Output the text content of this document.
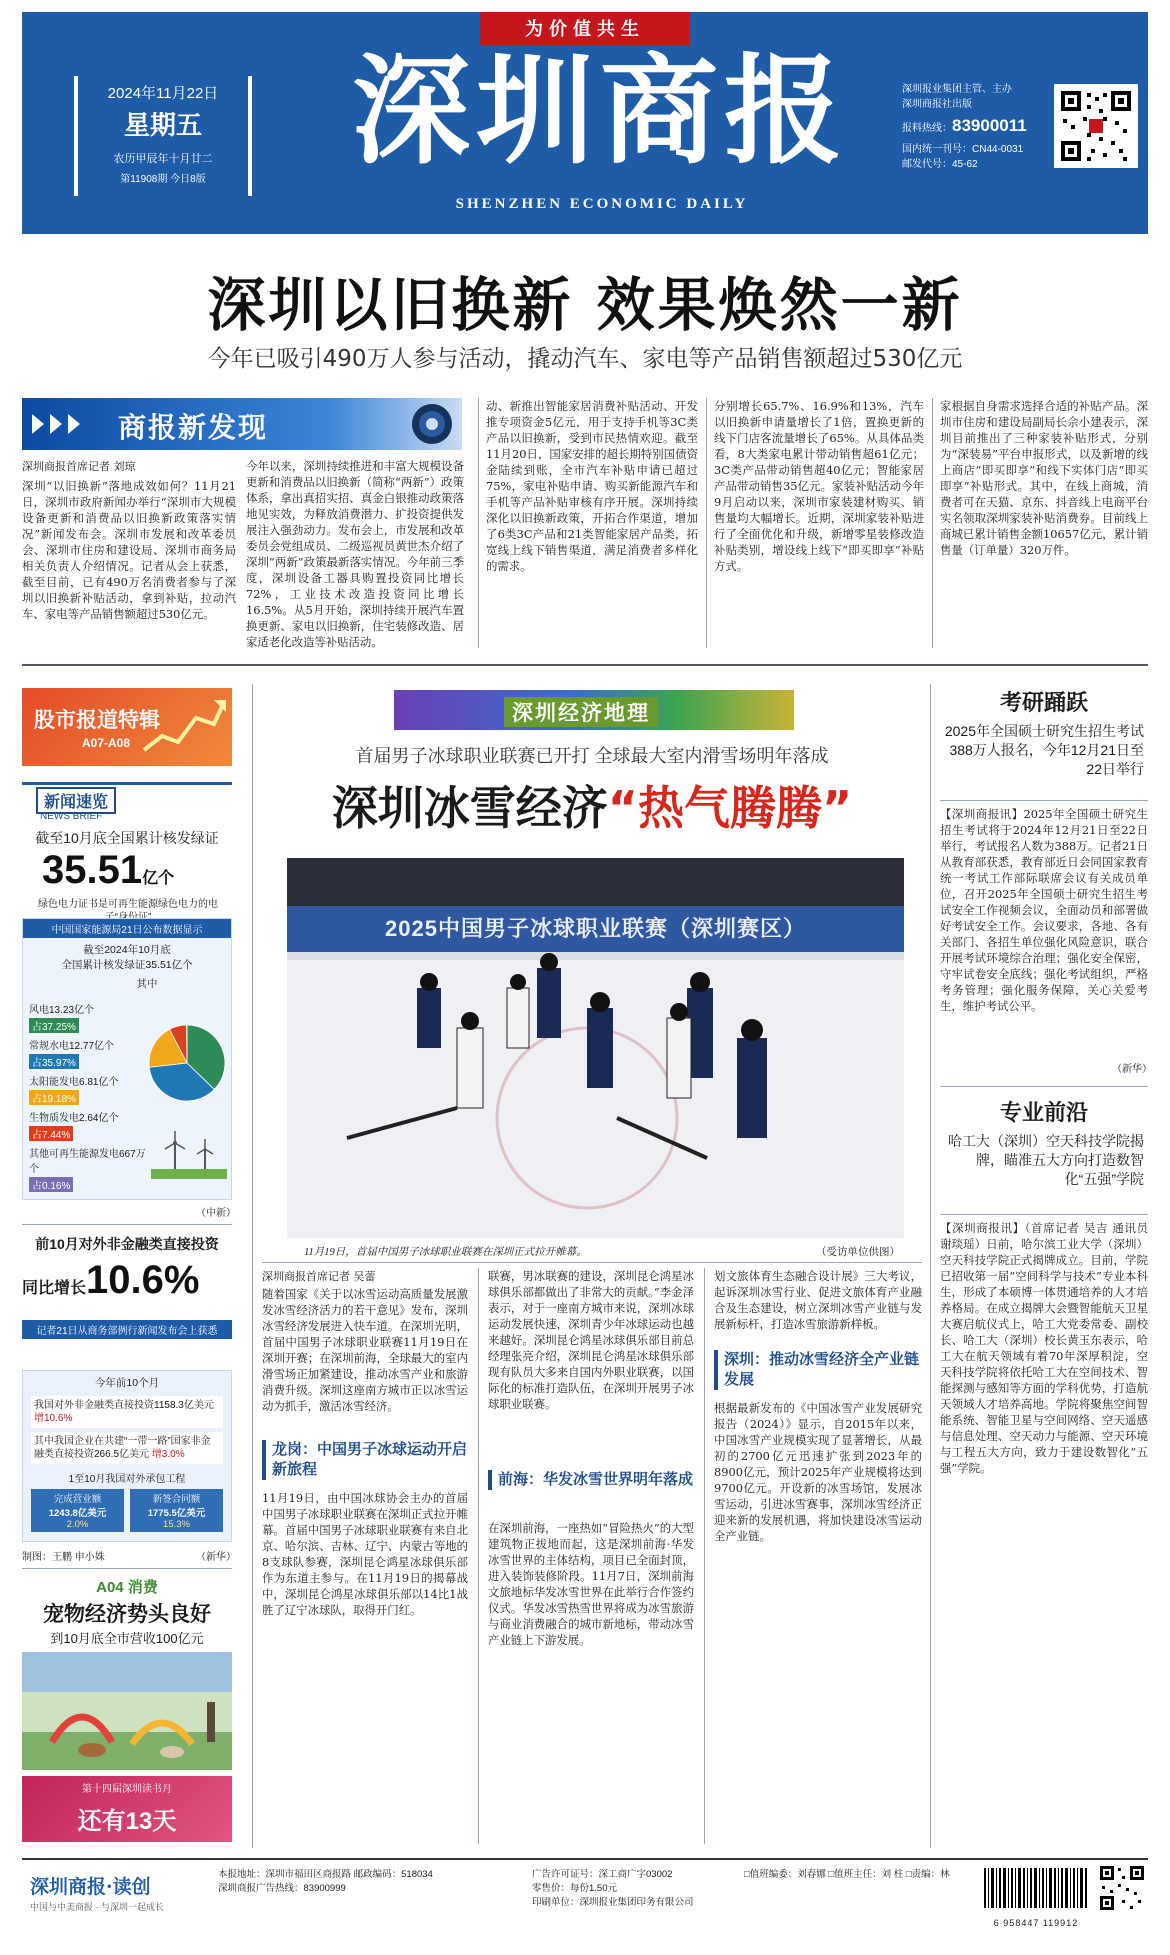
为价值共生
2024年11月22日
星期五
农历甲辰年十月廿二
第11908期 今日8版
深圳商报
SHENZHEN ECONOMIC DAILY
深圳报业集团主管、主办
深圳商报社出版
报料热线：83900011
国内统一刊号：CN44-0031
邮发代号：45-62
深圳以旧换新 效果焕然一新
今年已吸引490万人参与活动，撬动汽车、家电等产品销售额超过530亿元
商报新发现
深圳商报首席记者 刘琼
深圳“以旧换新”落地成效如何？11月21日，深圳市政府新闻办举行“深圳市大规模设备更新和消费品以旧换新政策落实情况”新闻发布会。深圳市发展和改革委员会、深圳市住房和建设局、深圳市商务局相关负责人介绍情况。记者从会上获悉，截至目前，已有490万名消费者参与了深圳以旧换新补贴活动，拿到补贴，拉动汽车、家电等产品销售额超过530亿元。
今年以来，深圳持续推进和丰富大规模设备更新和消费品以旧换新（简称“两新”）政策体系，拿出真招实招、真金白银推动政策落地见实效，为释放消费潜力、扩投资提供发展注入强劲动力。发布会上，市发展和改革委员会党组成员、二级巡视员黄世杰介绍了深圳“两新”政策最新落实情况。今年前三季度，深圳设备工器具购置投资同比增长72%，工业技术改造投资同比增长16.5%。从5月开始，深圳持续开展汽车置换更新、家电以旧换新，住宅装修改造、居家适老化改造等补贴活动。
动、新推出智能家居消费补贴活动、开发推专项资金5亿元，用于支持手机等3C类产品以旧换新，受到市民热情欢迎。截至11月20日，国家安排的超长期特别国债资金陆续到账，全市汽车补贴申请已超过75%，家电补贴申请、购买新能源汽车和手机等产品补贴审核有序开展。深圳持续深化以旧换新政策，开拓合作渠道，增加了6类3C产品和21类智能家居产品类，拓宽线上线下销售渠道，满足消费者多样化的需求。
分别增长65.7%、16.9%和13%，汽车以旧换新申请量增长了1倍，置换更新的线下门店客流量增长了65%。从具体品类看，8大类家电累计带动销售超61亿元；3C类产品带动销售超40亿元；智能家居产品带动销售35亿元。家装补贴活动今年9月启动以来，深圳市家装建材购买、销售量均大幅增长。近期，深圳家装补贴进行了全面优化和升级，新增零星装修改造补贴类别，增设线上线下“即买即享”补贴方式。
家根据自身需求选择合适的补贴产品。深圳市住房和建设局副局长佘小建表示，深圳目前推出了三种家装补贴形式，分别为“深装易”平台申报形式，以及新增的线上商店“即买即享”和线下实体门店“即买即享”补贴形式。其中，在线上商城，消费者可在天猫、京东、抖音线上电商平台实名领取深圳家装补贴消费券。目前线上商城已累计销售金额10657亿元，累计销售量（订单量）320万件。
股市报道特辑
A07-A08
新闻速览
NEWS BRIEF
截至10月底全国累计核发绿证
35.51亿个
绿色电力证书是可再生能源绿色电力的电
中国国家能源局21日公布数据显示
截至2024年10月底
全国累计核发绿证35.51亿个
其中
风电13.23亿个
占37.25%
常规水电12.77亿个
占35.97%
太阳能发电6.81亿个
占19.18%
生物质发电2.64亿个
占7.44%
其他可再生能源发电667万个
占0.16%
（中新）
前10月对外非金融类直接投资
同比增长10.6%
记者21日从商务部例行新闻发布会上获悉
今年前10个月
我国对外非金融类直接投资1158.3亿美元 增10.6%
其中我国企业在共建“一带一路”国家非金融类直接投资266.5亿美元 增3.0%
1至10月我国对外承包工程
完成营业额
1243.8亿美元
2.0%
新签合同额
1775.5亿美元
15.3%
制图：王鹏 申小姝	（新华）
A04 消费
宠物经济势头良好
到10月底全市营收100亿元
第十四届深圳读书月
还有13天
深圳经济地理
首届男子冰球职业联赛已开打 全球最大室内滑雪场明年落成
深圳冰雪经济“热气腾腾”
2025中国男子冰球职业联赛（深圳赛区）
11月19日，首届中国男子冰球职业联赛在深圳正式拉开帷幕。	（受访单位供图）
深圳商报首席记者 吴蕾
随着国家《关于以冰雪运动高质量发展激发冰雪经济活力的若干意见》发布，深圳冰雪经济发展进入快车道。在深圳光明，首届中国男子冰球职业联赛11月19日在深圳开赛；在深圳前海，全球最大的室内滑雪场正加紧建设，推动冰雪产业和旅游消费升级。深圳这座南方城市正以冰雪运动为抓手，激活冰雪经济。
龙岗：中国男子冰球运动开启新旅程
11月19日，由中国冰球协会主办的首届中国男子冰球职业联赛在深圳正式拉开帷幕。首届中国男子冰球职业联赛有来自北京、哈尔滨、吉林、辽宁、内蒙古等地的8支球队参赛，深圳昆仑鸿星冰球俱乐部作为东道主参与。在11月19日的揭幕战中，深圳昆仑鸿星冰球俱乐部以14比1战胜了辽宁冰球队，取得开门红。
联赛，男冰联赛的建设，深圳昆仑鸿星冰球俱乐部都做出了非常大的贡献。”李金泽表示，对于一座南方城市来说，深圳冰球运动发展快速，深圳青少年冰球运动也越来越好。深圳昆仑鸿星冰球俱乐部目前总经理张亮介绍，深圳昆仑鸿星冰球俱乐部现有队员大多来自国内外职业联赛，以国际化的标准打造队伍，在深圳开展男子冰球职业联赛。
前海：华发冰雪世界明年落成
在深圳前海，一座热如“冒险热火”的大型建筑物正拔地而起，这是深圳前海·华发冰雪世界的主体结构，项目已全面封顶，进入装饰装修阶段。11月7日，深圳前海文旅地标华发冰雪世界在此举行合作签约仪式。华发冰雪热雪世界将成为冰雪旅游与商业消费融合的城市新地标，带动冰雪产业链上下游发展。
划文旅体育生态融合设计展》三大考议，起诉深圳冰雪行业、促进文旅体育产业融合及生态建设，树立深圳冰雪产业链与发展新标杆，打造冰雪旅游新样板。
深圳：推动冰雪经济全产业链发展
根据最新发布的《中国冰雪产业发展研究报告（2024）》显示，自2015年以来，中国冰雪产业规模实现了显著增长，从最初的2700亿元迅速扩张到2023年的8900亿元，预计2025年产业规模将达到9700亿元。开设新的冰雪场馆，发展冰雪运动，引进冰雪赛事，深圳冰雪经济正迎来新的发展机遇，将加快建设冰雪运动全产业链。
考研踊跃
2025年全国硕士研究生招生考试388万人报名，今年12月21日至22日举行
【深圳商报讯】2025年全国硕士研究生招生考试将于2024年12月21日至22日举行，考试报名人数为388万。记者21日从教育部获悉，教育部近日会同国家教育统一考试工作部际联席会议有关成员单位，召开2025年全国硕士研究生招生考试安全工作视频会议，全面动员和部署做好考试安全工作。会议要求，各地、各有关部门、各招生单位强化风险意识，联合开展考试环境综合治理；强化安全保密，守牢试卷安全底线；强化考试组织，严格考务管理；强化服务保障，关心关爱考生，维护考试公平。
（新华）
专业前沿
哈工大（深圳）空天科技学院揭牌，瞄准五大方向打造数智化“五强”学院
【深圳商报讯】（首席记者 吴吉 通讯员 谢琰瑶）日前，哈尔滨工业大学（深圳）空天科技学院正式揭牌成立。目前，学院已招收第一届“空间科学与技术”专业本科生，形成了本硕博一体贯通培养的人才培养格局。在成立揭牌大会暨智能航天卫星大赛启航仪式上，哈工大党委常委、副校长、哈工大（深圳）校长黄玉东表示，哈工大在航天领域有着70年深厚积淀，空天科技学院将依托哈工大在空间技术、智能探测与感知等方面的学科优势，打造航天领域人才培养高地。学院将聚焦空间智能系统、智能卫星与空间网络、空天遥感与信息处理、空天动力与能源、空天环境与工程五大方向，致力于建设数智化“五强”学院。
深圳商报·读创
中国与中美商报 · 与深圳一起成长
本报地址：深圳市福田区商报路 邮政编码：518034
深圳商报广告热线：83900999
广告许可证号：深工商广字03002
零售价：每份1.50元
印刷单位：深圳报业集团印务有限公司
□值班编委：刘春娜 □值班主任：刘 柱 □责编：林
6 958447 119912
